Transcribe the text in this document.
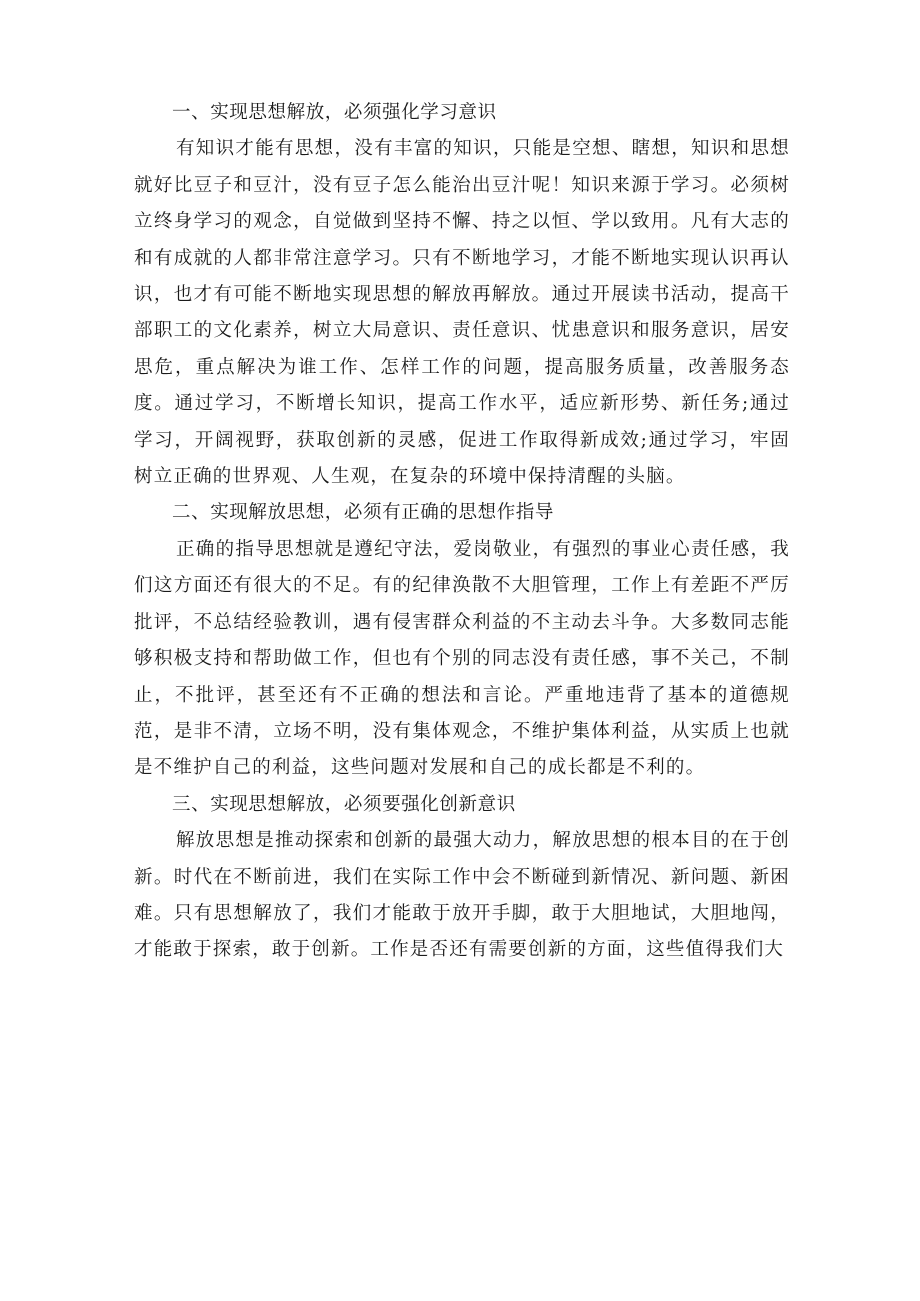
一、实现思想解放，必须强化学习意识

有知识才能有思想，没有丰富的知识，只能是空想、瞎想，知识和思想就好比豆子和豆汁，没有豆子怎么能治出豆汁呢！知识来源于学习。必须树立终身学习的观念，自觉做到坚持不懈、持之以恒、学以致用。凡有大志的和有成就的人都非常注意学习。只有不断地学习，才能不断地实现认识再认识，也才有可能不断地实现思想的解放再解放。通过开展读书活动，提高干部职工的文化素养，树立大局意识、责任意识、忧患意识和服务意识，居安思危，重点解决为谁工作、怎样工作的问题，提高服务质量，改善服务态度。通过学习，不断增长知识，提高工作水平，适应新形势、新任务;通过学习，开阔视野，获取创新的灵感，促进工作取得新成效;通过学习，牢固树立正确的世界观、人生观，在复杂的环境中保持清醒的头脑。

二、实现解放思想，必须有正确的思想作指导

正确的指导思想就是遵纪守法，爱岗敬业，有强烈的事业心责任感，我们这方面还有很大的不足。有的纪律涣散不大胆管理，工作上有差距不严厉批评，不总结经验教训，遇有侵害群众利益的不主动去斗争。大多数同志能够积极支持和帮助做工作，但也有个别的同志没有责任感，事不关己，不制止，不批评，甚至还有不正确的想法和言论。严重地违背了基本的道德规范，是非不清，立场不明，没有集体观念，不维护集体利益，从实质上也就是不维护自己的利益，这些问题对发展和自己的成长都是不利的。

三、实现思想解放，必须要强化创新意识

解放思想是推动探索和创新的最强大动力，解放思想的根本目的在于创新。时代在不断前进，我们在实际工作中会不断碰到新情况、新问题、新困难。只有思想解放了，我们才能敢于放开手脚，敢于大胆地试，大胆地闯，才能敢于探索，敢于创新。工作是否还有需要创新的方面，这些值得我们大
